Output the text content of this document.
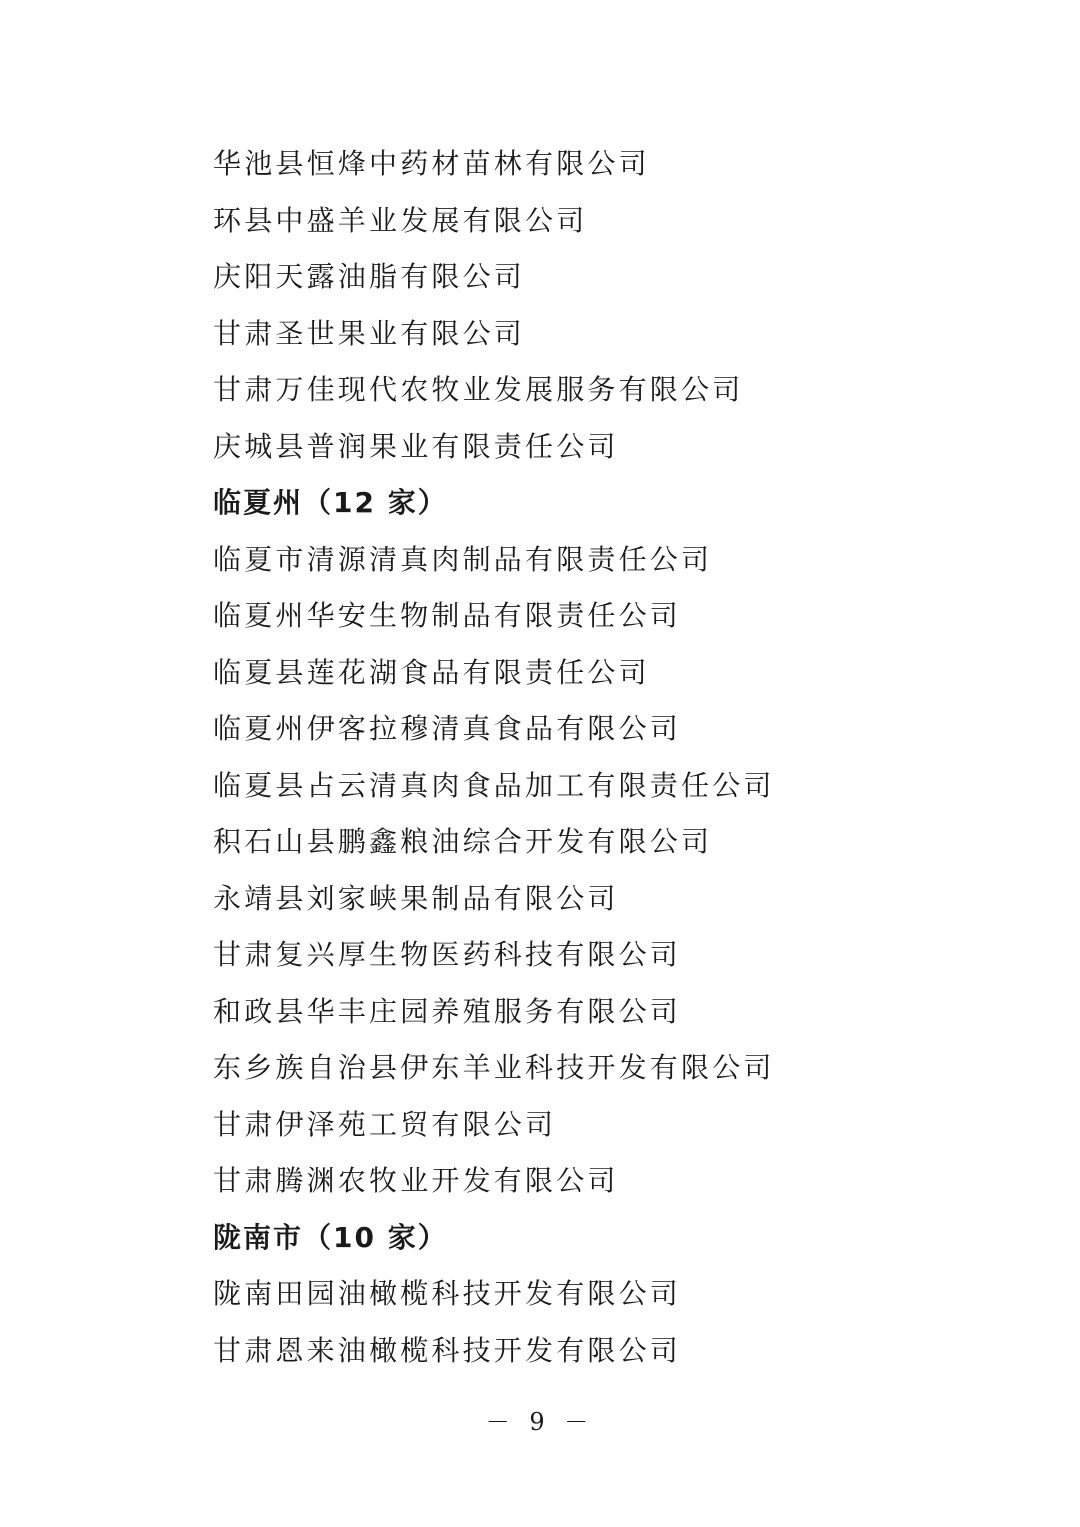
华池县恒烽中药材苗林有限公司
环县中盛羊业发展有限公司
庆阳天露油脂有限公司
甘肃圣世果业有限公司
甘肃万佳现代农牧业发展服务有限公司
庆城县普润果业有限责任公司
临夏州（12 家）
临夏市清源清真肉制品有限责任公司
临夏州华安生物制品有限责任公司
临夏县莲花湖食品有限责任公司
临夏州伊客拉穆清真食品有限公司
临夏县占云清真肉食品加工有限责任公司
积石山县鹏鑫粮油综合开发有限公司
永靖县刘家峡果制品有限公司
甘肃复兴厚生物医药科技有限公司
和政县华丰庄园养殖服务有限公司
东乡族自治县伊东羊业科技开发有限公司
甘肃伊泽苑工贸有限公司
甘肃腾渊农牧业开发有限公司
陇南市（10 家）
陇南田园油橄榄科技开发有限公司
甘肃恩来油橄榄科技开发有限公司
－ 9 －
